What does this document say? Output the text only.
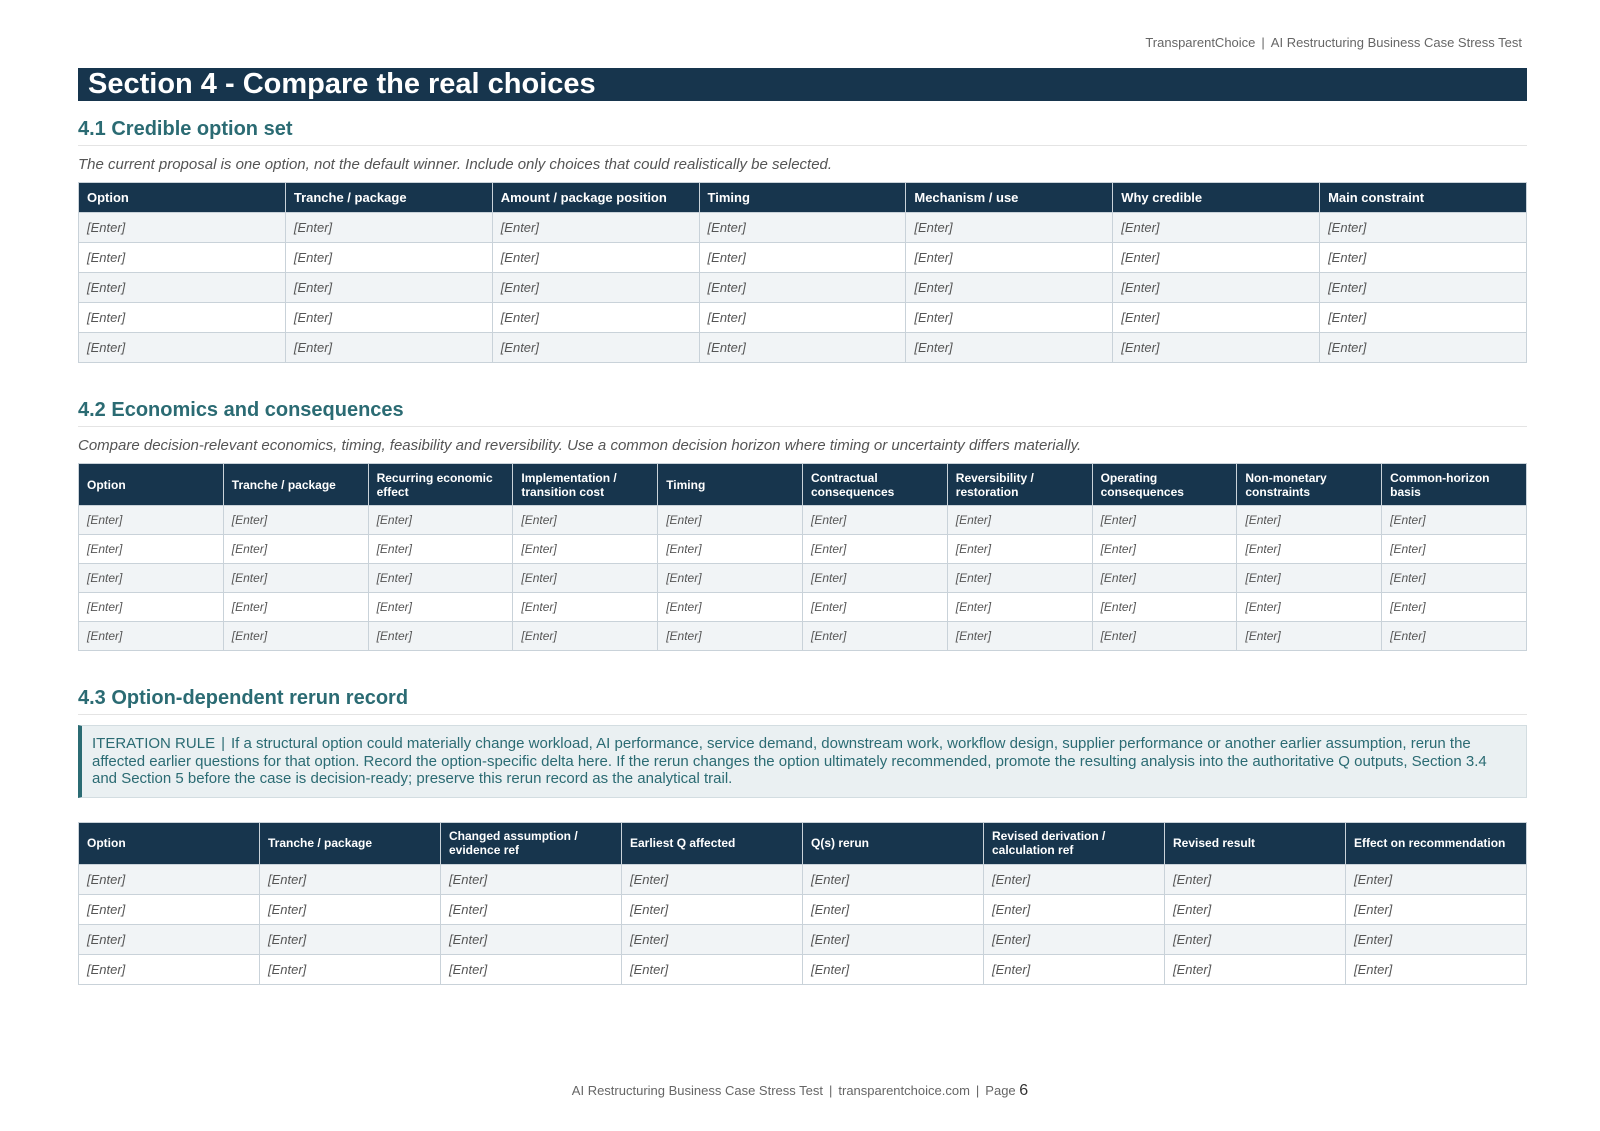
TransparentChoice | AI Restructuring Business Case Stress Test
Section 4 - Compare the real choices
4.1 Credible option set
The current proposal is one option, not the default winner. Include only choices that could realistically be selected.
Option	Tranche / package	Amount / package position	Timing	Mechanism / use	Why credible	Main constraint
[Enter]	[Enter]	[Enter]	[Enter]	[Enter]	[Enter]	[Enter]
[Enter]	[Enter]	[Enter]	[Enter]	[Enter]	[Enter]	[Enter]
[Enter]	[Enter]	[Enter]	[Enter]	[Enter]	[Enter]	[Enter]
[Enter]	[Enter]	[Enter]	[Enter]	[Enter]	[Enter]	[Enter]
[Enter]	[Enter]	[Enter]	[Enter]	[Enter]	[Enter]	[Enter]
4.2 Economics and consequences
Compare decision-relevant economics, timing, feasibility and reversibility. Use a common decision horizon where timing or uncertainty differs materially.
Option	Tranche / package	Recurring economic effect	Implementation / transition cost	Timing	Contractual consequences	Reversibility / restoration	Operating consequences	Non-monetary constraints	Common-horizon basis
[Enter]	[Enter]	[Enter]	[Enter]	[Enter]	[Enter]	[Enter]	[Enter]	[Enter]	[Enter]
[Enter]	[Enter]	[Enter]	[Enter]	[Enter]	[Enter]	[Enter]	[Enter]	[Enter]	[Enter]
[Enter]	[Enter]	[Enter]	[Enter]	[Enter]	[Enter]	[Enter]	[Enter]	[Enter]	[Enter]
[Enter]	[Enter]	[Enter]	[Enter]	[Enter]	[Enter]	[Enter]	[Enter]	[Enter]	[Enter]
[Enter]	[Enter]	[Enter]	[Enter]	[Enter]	[Enter]	[Enter]	[Enter]	[Enter]	[Enter]
4.3 Option-dependent rerun record
ITERATION RULE | If a structural option could materially change workload, AI performance, service demand, downstream work, workflow design, supplier performance or another earlier assumption, rerun the affected earlier questions for that option. Record the option-specific delta here. If the rerun changes the option ultimately recommended, promote the resulting analysis into the authoritative Q outputs, Section 3.4 and Section 5 before the case is decision-ready; preserve this rerun record as the analytical trail.
Option	Tranche / package	Changed assumption / evidence ref	Earliest Q affected	Q(s) rerun	Revised derivation / calculation ref	Revised result	Effect on recommendation
[Enter]	[Enter]	[Enter]	[Enter]	[Enter]	[Enter]	[Enter]	[Enter]
[Enter]	[Enter]	[Enter]	[Enter]	[Enter]	[Enter]	[Enter]	[Enter]
[Enter]	[Enter]	[Enter]	[Enter]	[Enter]	[Enter]	[Enter]	[Enter]
[Enter]	[Enter]	[Enter]	[Enter]	[Enter]	[Enter]	[Enter]	[Enter]
AI Restructuring Business Case Stress Test | transparentchoice.com | Page 6
